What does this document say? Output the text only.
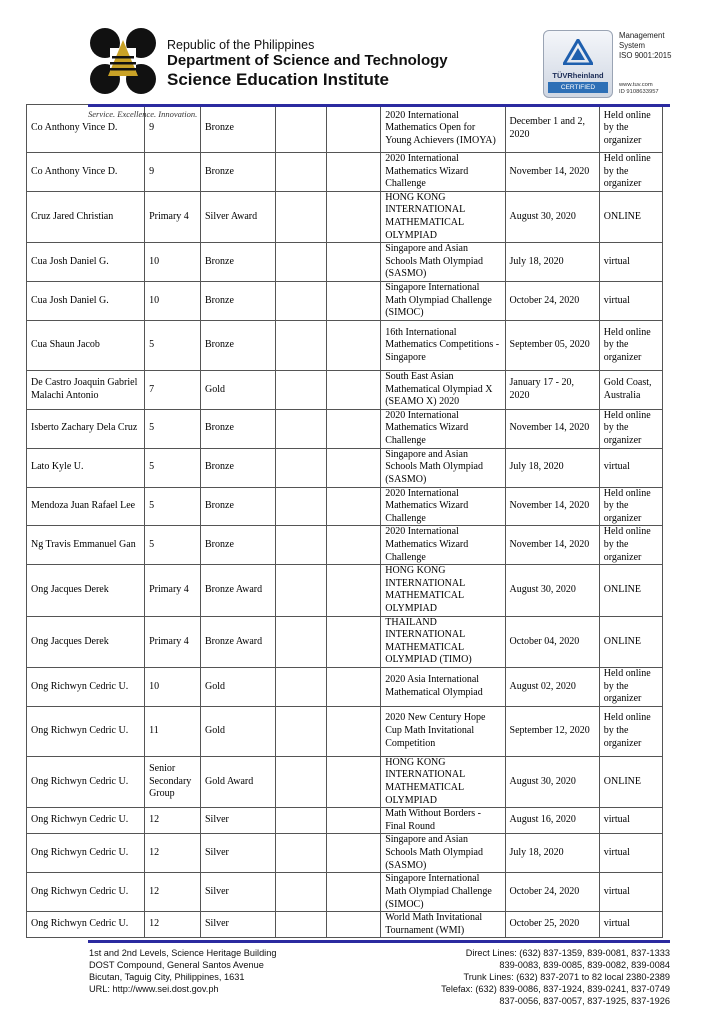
Republic of the Philippines
Department of Science and Technology
Science Education Institute	TÜVRheinland
CERTIFIED
Management
System
ISO 9001:2015
www.tuv.com
ID 9108633957
Co Anthony Vince D.	9	Bronze			2020 International Mathematics Open for Young Achievers (IMOYA)	December 1 and 2, 2020	Held online by the organizer
Co Anthony Vince D.	9	Bronze			2020 International Mathematics Wizard Challenge	November 14, 2020	Held online by the organizer
Cruz Jared Christian	Primary 4	Silver Award			HONG KONG INTERNATIONAL MATHEMATICAL OLYMPIAD	August 30, 2020	ONLINE
Cua Josh Daniel G.	10	Bronze			Singapore and Asian Schools Math Olympiad (SASMO)	July 18, 2020	virtual
Cua Josh Daniel G.	10	Bronze			Singapore International Math Olympiad Challenge (SIMOC)	October 24, 2020	virtual
Cua Shaun Jacob	5	Bronze			16th International Mathematics Competitions - Singapore	September 05, 2020	Held online by the organizer
De Castro Joaquin Gabriel Malachi Antonio	7	Gold			South East Asian Mathematical Olympiad X (SEAMO X) 2020	January 17 - 20, 2020	Gold Coast, Australia
Isberto Zachary Dela Cruz	5	Bronze			2020 International Mathematics Wizard Challenge	November 14, 2020	Held online by the organizer
Lato Kyle U.	5	Bronze			Singapore and Asian Schools Math Olympiad (SASMO)	July 18, 2020	virtual
Mendoza Juan Rafael Lee	5	Bronze			2020 International Mathematics Wizard Challenge	November 14, 2020	Held online by the organizer
Ng Travis Emmanuel Gan	5	Bronze			2020 International Mathematics Wizard Challenge	November 14, 2020	Held online by the organizer
Ong Jacques Derek	Primary 4	Bronze Award			HONG KONG INTERNATIONAL MATHEMATICAL OLYMPIAD	August 30, 2020	ONLINE
Ong Jacques Derek	Primary 4	Bronze Award			THAILAND INTERNATIONAL MATHEMATICAL OLYMPIAD (TIMO)	October 04, 2020	ONLINE
Ong Richwyn Cedric U.	10	Gold			2020 Asia International Mathematical Olympiad	August 02, 2020	Held online by the organizer
Ong Richwyn Cedric U.	11	Gold			2020 New Century Hope Cup Math Invitational Competition	September 12, 2020	Held online by the organizer
Ong Richwyn Cedric U.	Senior Secondary Group	Gold Award			HONG KONG INTERNATIONAL MATHEMATICAL OLYMPIAD	August 30, 2020	ONLINE
Ong Richwyn Cedric U.	12	Silver			Math Without Borders - Final Round	August 16, 2020	virtual
Ong Richwyn Cedric U.	12	Silver			Singapore and Asian Schools Math Olympiad (SASMO)	July 18, 2020	virtual
Ong Richwyn Cedric U.	12	Silver			Singapore International Math Olympiad Challenge (SIMOC)	October 24, 2020	virtual
Ong Richwyn Cedric U.	12	Silver			World Math Invitational Tournament (WMI)	October 25, 2020	virtual
Service. Excellence. Innovation.
1st and 2nd Levels, Science Heritage Building
DOST Compound, General Santos Avenue
Bicutan, Taguig City, Philippines, 1631
URL: http://www.sei.dost.gov.ph
Direct Lines: (632) 837-1359, 839-0081, 837-1333
839-0083, 839-0085, 839-0082, 839-0084
Trunk Lines: (632) 837-2071 to 82 local 2380-2389
Telefax: (632) 839-0086, 837-1924, 839-0241, 837-0749
837-0056, 837-0057, 837-1925, 837-1926
